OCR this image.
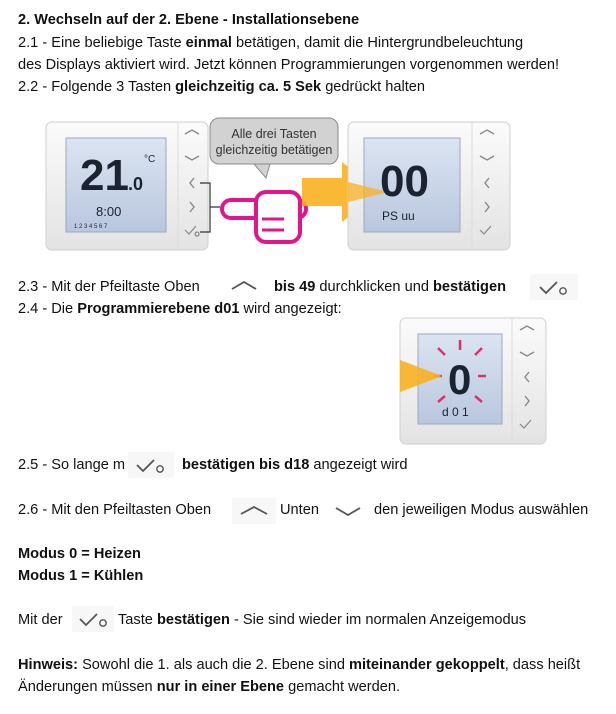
2. Wechseln auf der 2. Ebene - Installationsebene
2.1 - Eine beliebige Taste einmal betätigen, damit die Hintergrundbeleuchtung
des Displays aktiviert wird. Jetzt können Programmierungen vorgenommen werden!
2.2 - Folgende 3 Tasten gleichzeitig ca. 5 Sek gedrückt halten
21 .0
°C
8:00
1 2 3 4 5 6 7
Alle drei Tasten
gleichzeitig betätigen
00
PS uu
2.3 - Mit der Pfeiltaste Oben	bis 49 durchklicken und bestätigen
2.4 - Die Programmierebene d01 wird angezeigt:
0
d 0 1
2.5 - So lange m	bestätigen bis d18 angezeigt wird
2.6 - Mit den Pfeiltasten Oben	Unten	den jeweiligen Modus auswählen
Modus 0 = Heizen
Modus 1 = Kühlen
Mit der	Taste bestätigen - Sie sind wieder im normalen Anzeigemodus
Hinweis: Sowohl die 1. als auch die 2. Ebene sind miteinander gekoppelt, dass heißt
Änderungen müssen nur in einer Ebene gemacht werden.
